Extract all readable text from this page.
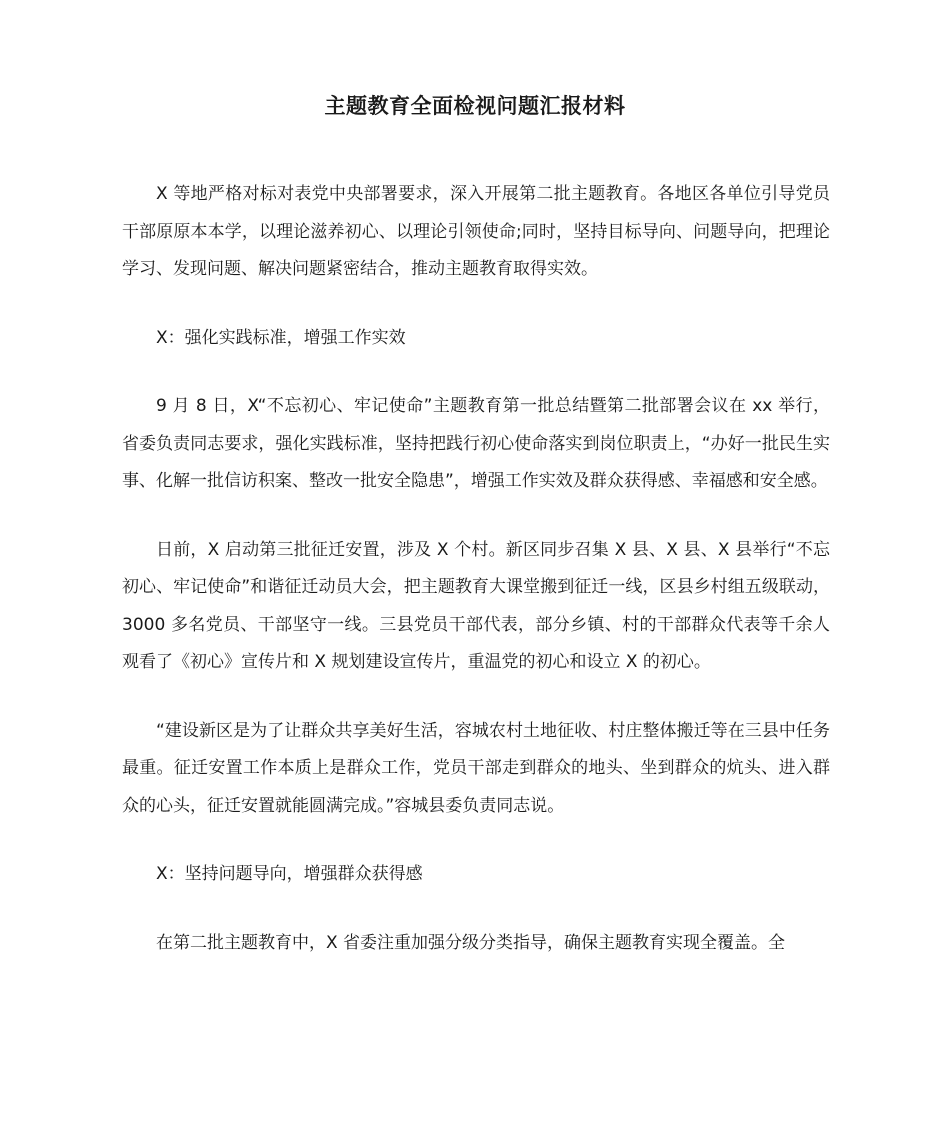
主题教育全面检视问题汇报材料

X 等地严格对标对表党中央部署要求，深入开展第二批主题教育。各地区各单位引导党员干部原原本本学，以理论滋养初心、以理论引领使命;同时，坚持目标导向、问题导向，把理论学习、发现问题、解决问题紧密结合，推动主题教育取得实效。

X：强化实践标准，增强工作实效

9 月 8 日，X“不忘初心、牢记使命”主题教育第一批总结暨第二批部署会议在 xx 举行，省委负责同志要求，强化实践标准，坚持把践行初心使命落实到岗位职责上，“办好一批民生实事、化解一批信访积案、整改一批安全隐患”，增强工作实效及群众获得感、幸福感和安全感。

日前，X 启动第三批征迁安置，涉及 X 个村。新区同步召集 X 县、X 县、X 县举行“不忘初心、牢记使命”和谐征迁动员大会，把主题教育大课堂搬到征迁一线，区县乡村组五级联动，3000 多名党员、干部坚守一线。三县党员干部代表，部分乡镇、村的干部群众代表等千余人观看了《初心》宣传片和 X 规划建设宣传片，重温党的初心和设立 X 的初心。

“建设新区是为了让群众共享美好生活，容城农村土地征收、村庄整体搬迁等在三县中任务最重。征迁安置工作本质上是群众工作，党员干部走到群众的地头、坐到群众的炕头、进入群众的心头，征迁安置就能圆满完成。”容城县委负责同志说。

X：坚持问题导向，增强群众获得感

在第二批主题教育中，X 省委注重加强分级分类指导，确保主题教育实现全覆盖。全
